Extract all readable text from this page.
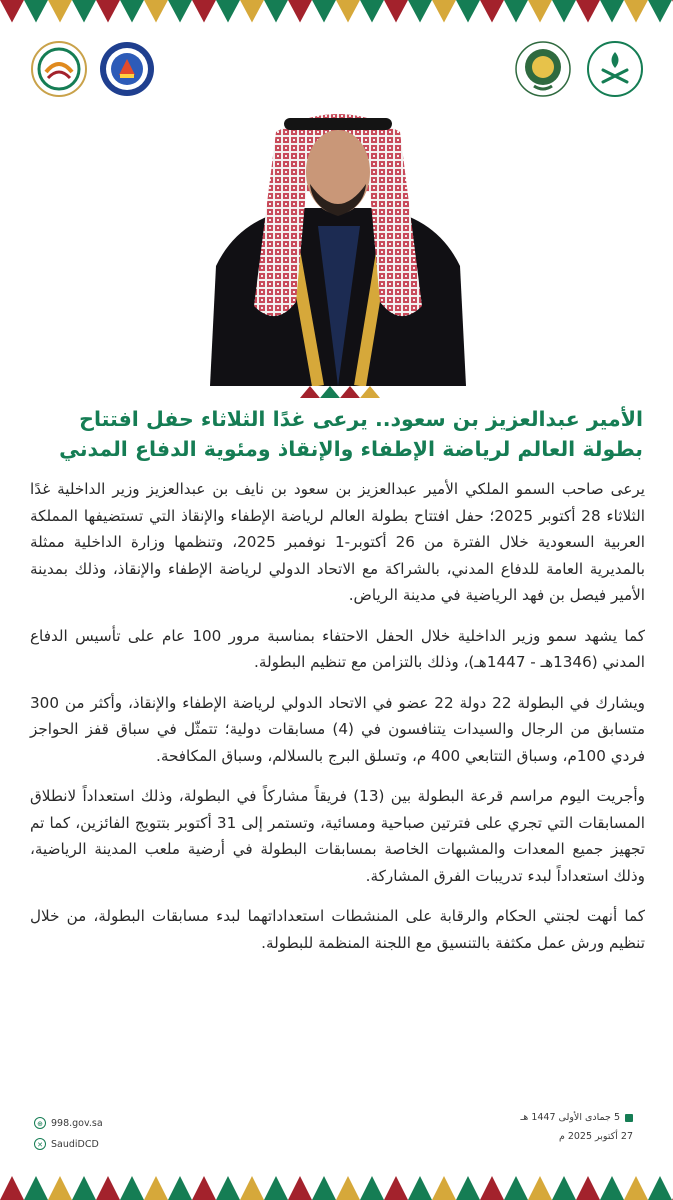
الأمير عبدالعزيز بن سعود.. يرعى غدًا الثلاثاء حفل افتتاح بطولة العالم لرياضة الإطفاء والإنقاذ ومئوية الدفاع المدني

يرعى صاحب السمو الملكي الأمير عبدالعزيز بن سعود بن نايف بن عبدالعزيز وزير الداخلية غدًا الثلاثاء 28 أكتوبر 2025؛ حفل افتتاح بطولة العالم لرياضة الإطفاء والإنقاذ التي تستضيفها المملكة العربية السعودية خلال الفترة من 26 أكتوبر-1 نوفمبر 2025، وتنظمها وزارة الداخلية ممثلة بالمديرية العامة للدفاع المدني، بالشراكة مع الاتحاد الدولي لرياضة الإطفاء والإنقاذ، وذلك بمدينة الأمير فيصل بن فهد الرياضية في مدينة الرياض.

كما يشهد سمو وزير الداخلية خلال الحفل الاحتفاء بمناسبة مرور 100 عام على تأسيس الدفاع المدني (1346هـ - 1447هـ)، وذلك بالتزامن مع تنظيم البطولة.

ويشارك في البطولة 22 دولة 22 عضو في الاتحاد الدولي لرياضة الإطفاء والإنقاذ، وأكثر من 300 متسابق من الرجال والسيدات يتنافسون في (4) مسابقات دولية؛ تتمثّل في سباق قفز الحواجز فردي 100م، وسباق التتابعي 400 م، وتسلق البرج بالسلالم، وسباق المكافحة.

وأجريت اليوم مراسم قرعة البطولة بين (13) فريقاً مشاركاً في البطولة، وذلك استعداداً لانطلاق المسابقات التي تجري على فترتين صباحية ومسائية، وتستمر إلى 31 أكتوبر بتتويج الفائزين، كما تم تجهيز جميع المعدات والمشبهات الخاصة بمسابقات البطولة في أرضية ملعب المدينة الرياضية، وذلك استعداداً لبدء تدريبات الفرق المشاركة.

كما أنهت لجنتي الحكام والرقابة على المنشطات استعداداتهما لبدء مسابقات البطولة، من خلال تنظيم ورش عمل مكثفة بالتنسيق مع اللجنة المنظمة للبطولة.

⊕ 998.gov.sa
✕ SaudiDCD
5 جمادى الأولى 1447 هـ
27 أكتوبر 2025 م
